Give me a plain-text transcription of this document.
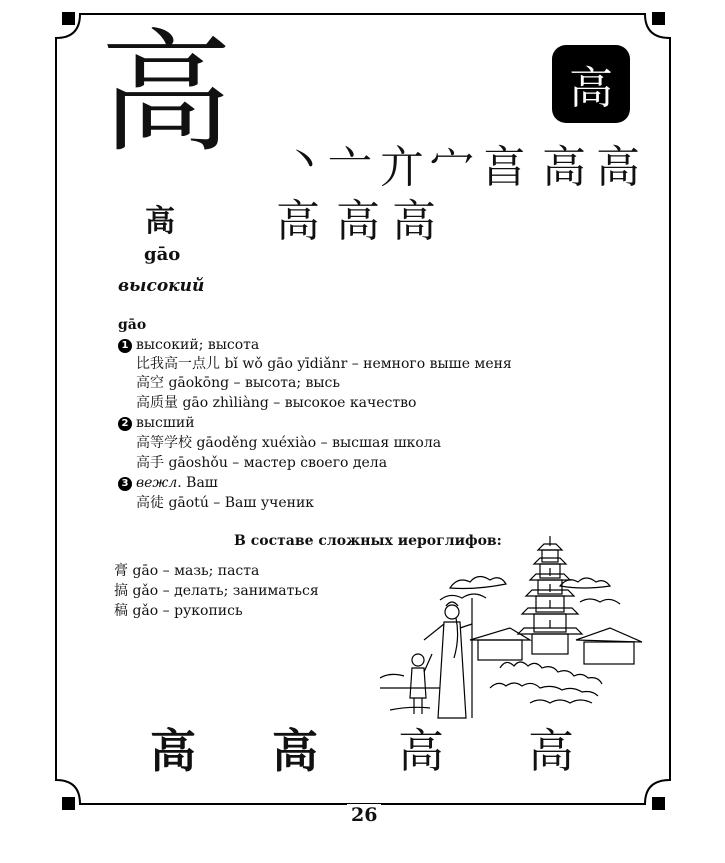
高	高
高
gāo
высокий
丶 亠 亣 宀 亯 高 高
高 高 高
gāo
1 высокий; высота
比我高一点儿 bǐ wǒ gāo yīdiǎnr – немного выше меня
高空 gāokōng – высота; высь
高质量 gāo zhìliàng – высокое качество
2 высший
高等学校 gāoděng xuéxiào – высшая школа
高手 gāoshǒu – мастер своего дела
3 вежл. Ваш
高徒 gāotú – Ваш ученик
В составе сложных иероглифов:
膏 gāo – мазь; паста
搞 gǎo – делать; заниматься
稿 gǎo – рукопись
高 高 高 高
26
